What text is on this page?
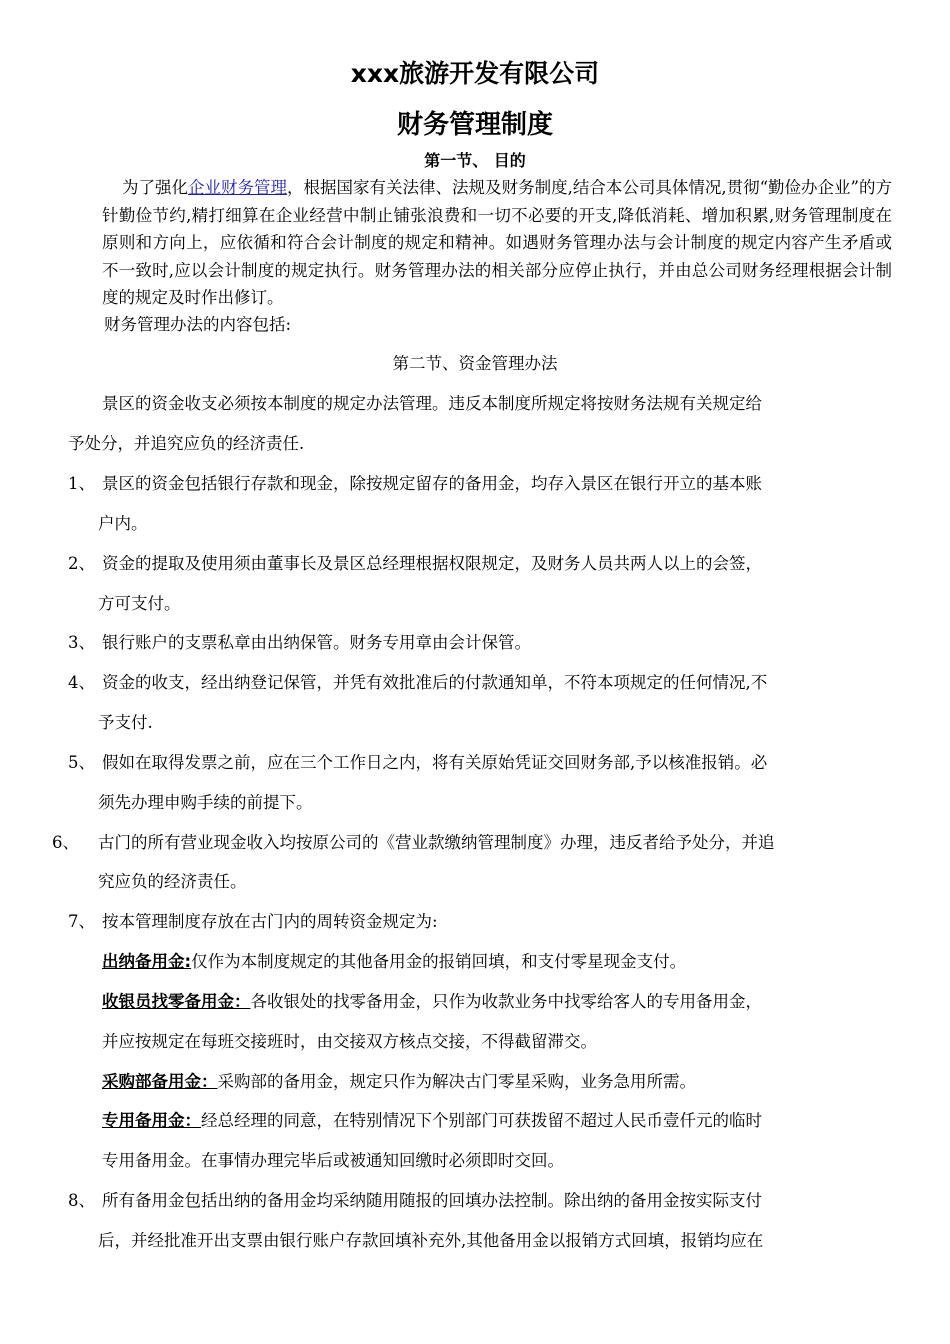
xxx旅游开发有限公司
财务管理制度
第一节、 目的
为了强化企业财务管理，根据国家有关法律、法规及财务制度,结合本公司具体情况,贯彻“勤俭办企业”的方针勤俭节约,精打细算在企业经营中制止铺张浪费和一切不必要的开支,降低消耗、增加积累,财务管理制度在原则和方向上，应依循和符合会计制度的规定和精神。如遇财务管理办法与会计制度的规定内容产生矛盾或不一致时,应以会计制度的规定执行。财务管理办法的相关部分应停止执行，并由总公司财务经理根据会计制度的规定及时作出修订。
财务管理办法的内容包括:
第二节、资金管理办法
景区的资金收支必须按本制度的规定办法管理。违反本制度所规定将按财务法规有关规定给
予处分，并追究应负的经济责任.
1、 景区的资金包括银行存款和现金，除按规定留存的备用金，均存入景区在银行开立的基本账
户内。
2、 资金的提取及使用须由董事长及景区总经理根据权限规定，及财务人员共两人以上的会签，
方可支付。
3、 银行账户的支票私章由出纳保管。财务专用章由会计保管。
4、 资金的收支，经出纳登记保管，并凭有效批准后的付款通知单，不符本项规定的任何情况,不
予支付.
5、 假如在取得发票之前，应在三个工作日之内，将有关原始凭证交回财务部,予以核准报销。必
须先办理申购手续的前提下。
6、 古门的所有营业现金收入均按原公司的《营业款缴纳管理制度》办理，违反者给予处分，并追
究应负的经济责任。
7、 按本管理制度存放在古门内的周转资金规定为:
出纳备用金:仅作为本制度规定的其他备用金的报销回填，和支付零星现金支付。
收银员找零备用金：各收银处的找零备用金，只作为收款业务中找零给客人的专用备用金，
并应按规定在每班交接班时，由交接双方核点交接，不得截留滞交。
采购部备用金：采购部的备用金，规定只作为解决古门零星采购，业务急用所需。
专用备用金：经总经理的同意，在特别情况下个别部门可获拨留不超过人民币壹仟元的临时
专用备用金。在事情办理完毕后或被通知回缴时必须即时交回。
8、 所有备用金包括出纳的备用金均采纳随用随报的回填办法控制。除出纳的备用金按实际支付
后，并经批准开出支票由银行账户存款回填补充外,其他备用金以报销方式回填，报销均应在
